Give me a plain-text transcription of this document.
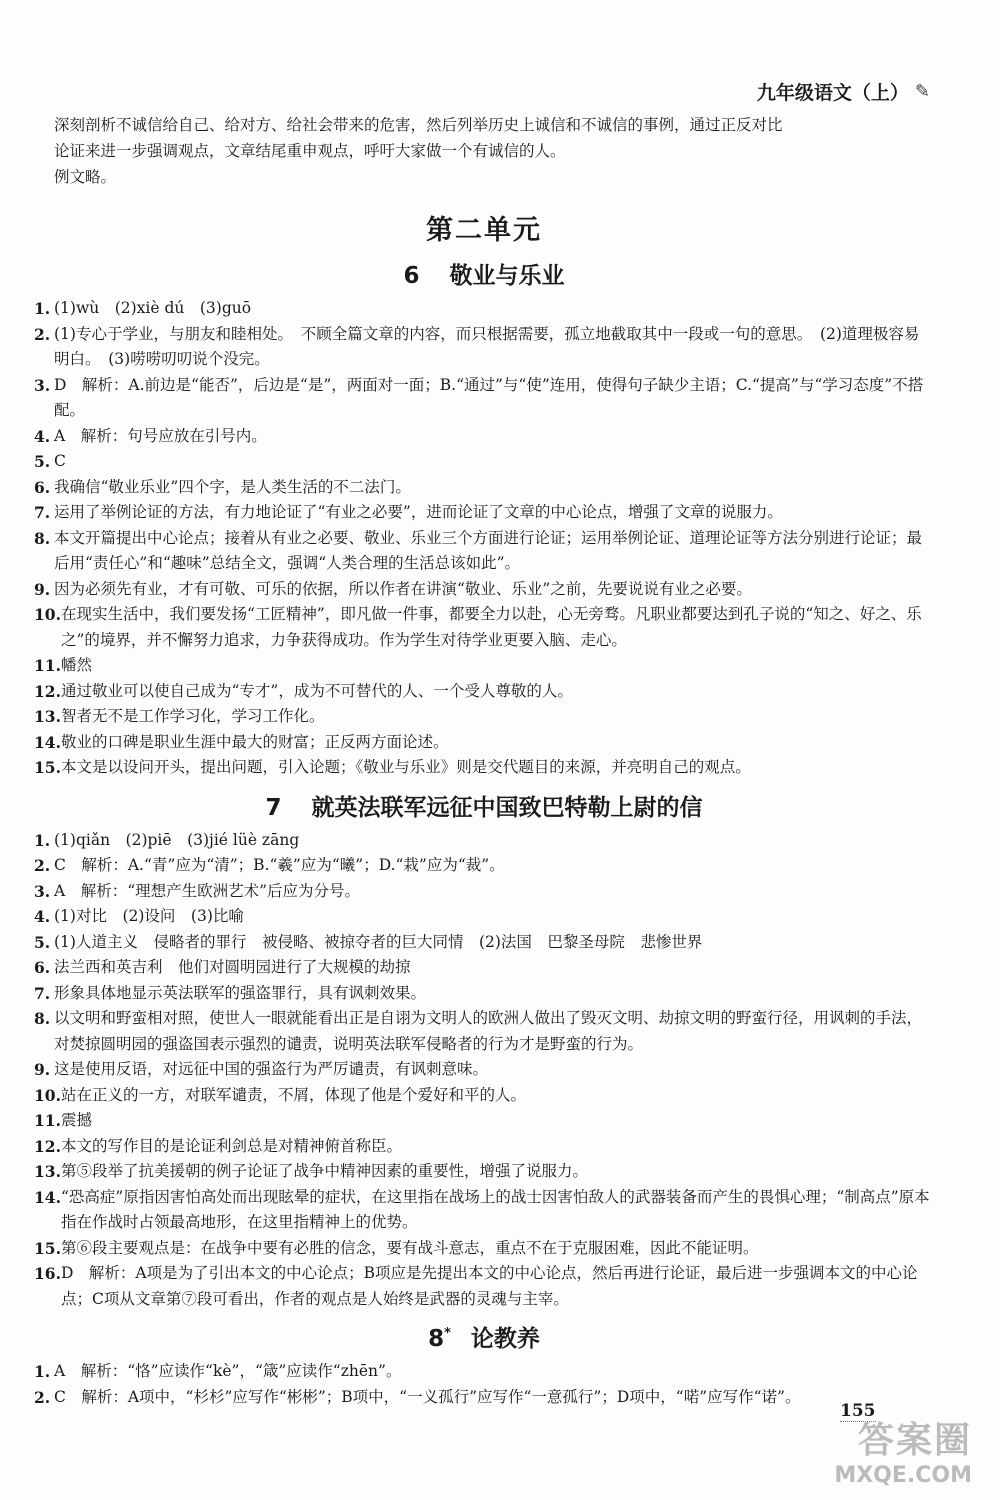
九年级语文（上） ✎

深刻剖析不诚信给自己、给对方、给社会带来的危害，然后列举历史上诚信和不诚信的事例，通过正反对比

论证来进一步强调观点，文章结尾重申观点，呼吁大家做一个有诚信的人。

例文略。

第二单元
6 敬业与乐业
1. (1)wù　(2)xiè dú　(3)guō
2. (1)专心于学业，与朋友和睦相处。　不顾全篇文章的内容，而只根据需要，孤立地截取其中一段或一句的意思。　(2)道理极容易明白。　(3)唠唠叨叨说个没完。
3. D　解析：A.前边是“能否”，后边是“是”，两面对一面；B.“通过”与“使”连用，使得句子缺少主语；C.“提高”与“学习态度”不搭配。
4. A　解析：句号应放在引号内。
5. C
6. 我确信“敬业乐业”四个字，是人类生活的不二法门。
7. 运用了举例论证的方法，有力地论证了“有业之必要”，进而论证了文章的中心论点，增强了文章的说服力。
8. 本文开篇提出中心论点；接着从有业之必要、敬业、乐业三个方面进行论证；运用举例论证、道理论证等方法分别进行论证；最后用“责任心”和“趣味”总结全文，强调“人类合理的生活总该如此”。
9. 因为必须先有业，才有可敬、可乐的依据，所以作者在讲演“敬业、乐业”之前，先要说说有业之必要。
10. 在现实生活中，我们要发扬“工匠精神”，即凡做一件事，都要全力以赴，心无旁骛。凡职业都要达到孔子说的“知之、好之、乐之”的境界，并不懈努力追求，力争获得成功。作为学生对待学业更要入脑、走心。
11. 幡然
12. 通过敬业可以使自己成为“专才”，成为不可替代的人、一个受人尊敬的人。
13. 智者无不是工作学习化，学习工作化。
14. 敬业的口碑是职业生涯中最大的财富；正反两方面论述。
15. 本文是以设问开头，提出问题，引入论题；《敬业与乐业》则是交代题目的来源，并亮明自己的观点。
7 就英法联军远征中国致巴特勒上尉的信
1. (1)qiǎn　(2)piē　(3)jié lüè zāng
2. C　解析：A.“青”应为“清”；B.“羲”应为“曦”；D.“栽”应为“裁”。
3. A　解析：“理想产生欧洲艺术”后应为分号。
4. (1)对比　(2)设问　(3)比喻
5. (1)人道主义　侵略者的罪行　被侵略、被掠夺者的巨大同情　(2)法国　巴黎圣母院　悲惨世界
6. 法兰西和英吉利　他们对圆明园进行了大规模的劫掠
7. 形象具体地显示英法联军的强盗罪行，具有讽刺效果。
8. 以文明和野蛮相对照，使世人一眼就能看出正是自诩为文明人的欧洲人做出了毁灭文明、劫掠文明的野蛮行径，用讽刺的手法，对焚掠圆明园的强盗国表示强烈的谴责，说明英法联军侵略者的行为才是野蛮的行为。
9. 这是使用反语，对远征中国的强盗行为严厉谴责，有讽刺意味。
10. 站在正义的一方，对联军谴责，不屑，体现了他是个爱好和平的人。
11. 震撼
12. 本文的写作目的是论证利剑总是对精神俯首称臣。
13. 第⑤段举了抗美援朝的例子论证了战争中精神因素的重要性，增强了说服力。
14. “恐高症”原指因害怕高处而出现眩晕的症状，在这里指在战场上的战士因害怕敌人的武器装备而产生的畏惧心理；“制高点”原本指在作战时占领最高地形，在这里指精神上的优势。
15. 第⑥段主要观点是：在战争中要有必胜的信念，要有战斗意志，重点不在于克服困难，因此不能证明。
16. D　解析：A项是为了引出本文的中心论点；B项应是先提出本文的中心论点，然后再进行论证，最后进一步强调本文的中心论点；C项从文章第⑦段可看出，作者的观点是人始终是武器的灵魂与主宰。
8* 论教养
1. A　解析：“恪”应读作“kè”，“箴”应读作“zhēn”。
2. C　解析：A项中，“杉杉”应写作“彬彬”；B项中，“一义孤行”应写作“一意孤行”；D项中，“喏”应写作“诺”。
155
答案圈
MXQE.COM
